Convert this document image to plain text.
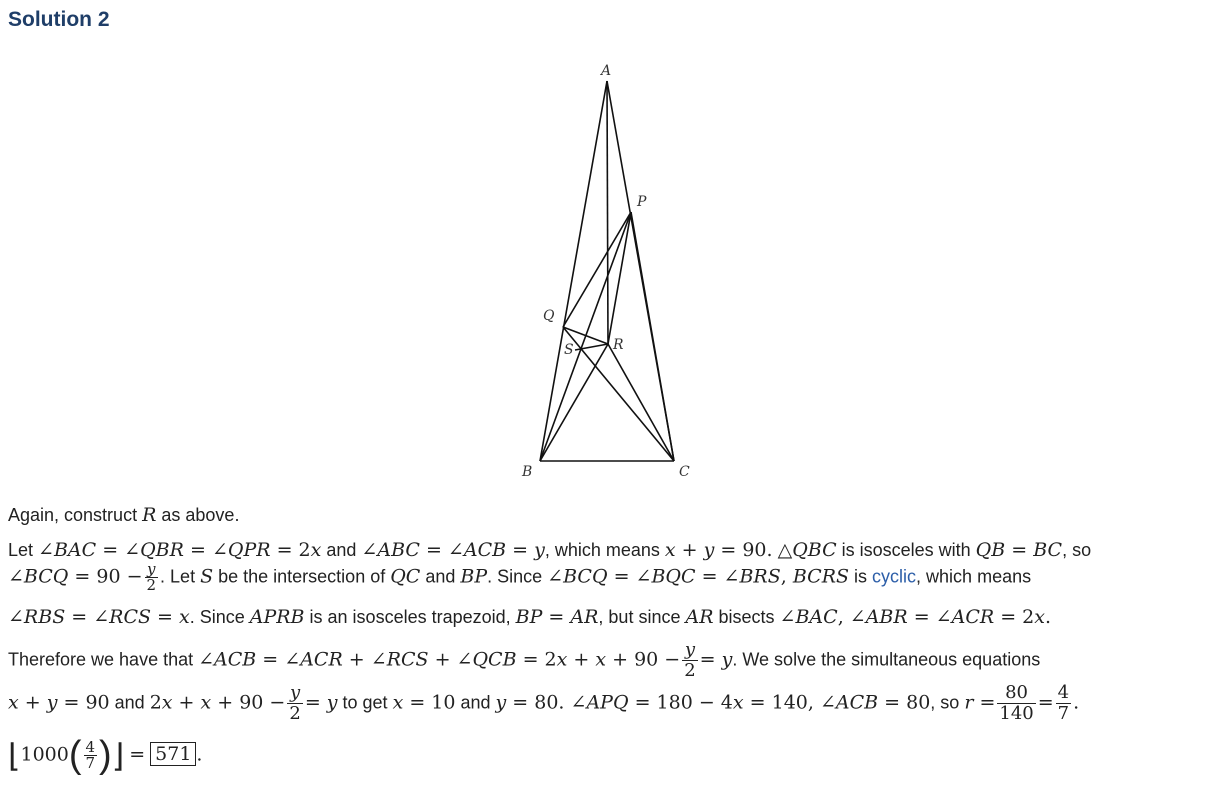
Solution 2
A
B	C
P
Q
R
S
Again, construct R as above.
Let ∠BAC = ∠QBR = ∠QPR = 2x and ∠ABC = ∠ACB = y, which means x + y = 90. △QBC is isosceles with QB = BC, so
∠BCQ = $90 - \frac{y}{2}$ . Let S be the intersection of QC and BP. Since ∠BCQ = ∠BQC = ∠BRS, BCRS is cyclic, which means
∠RBS = ∠RCS = x. Since APRB is an isosceles trapezoid, BP = AR, but since AR bisects ∠BAC, ∠ABR = ∠ACR = 2x.
Therefore we have that ∠ACB = ∠ACR + ∠RCS + ∠QCB = $2x + x + 90 - \frac{y}{2} = y$. We solve the simultaneous equations
x + y = 90 and $2x + x + 90 - \frac{y}{2} = y$ to get x = 10 and y = 80. ∠APQ = 180 − 4x = 140, ∠ACB = 80, so $r = \frac{80}{140} = \frac{4}{7}$ .
⌊1000( $\frac{4}{7}$ )⌋ = 571 .
